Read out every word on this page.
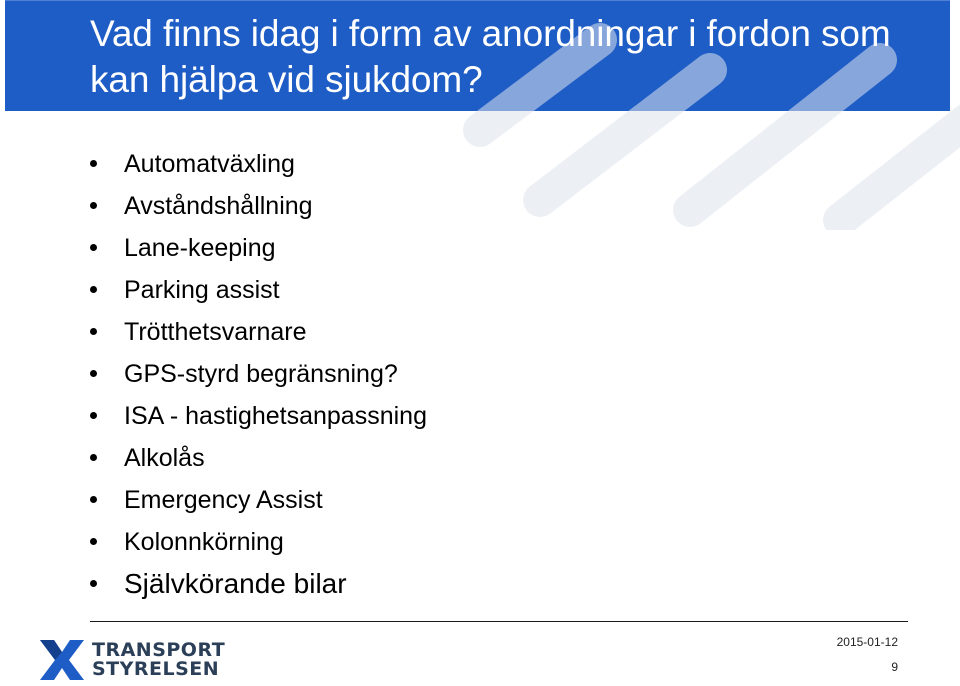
Vad finns idag i form av anordningar i fordon som kan hjälpa vid sjukdom?
Automatväxling
Avståndshållning
Lane-keeping
Parking assist
Trötthetsvarnare
GPS-styrd begränsning?
ISA - hastighetsanpassning
Alkolås
Emergency Assist
Kolonnkörning
Självkörande bilar
TRANSPORT
STYRELSEN
2015-01-12
9
